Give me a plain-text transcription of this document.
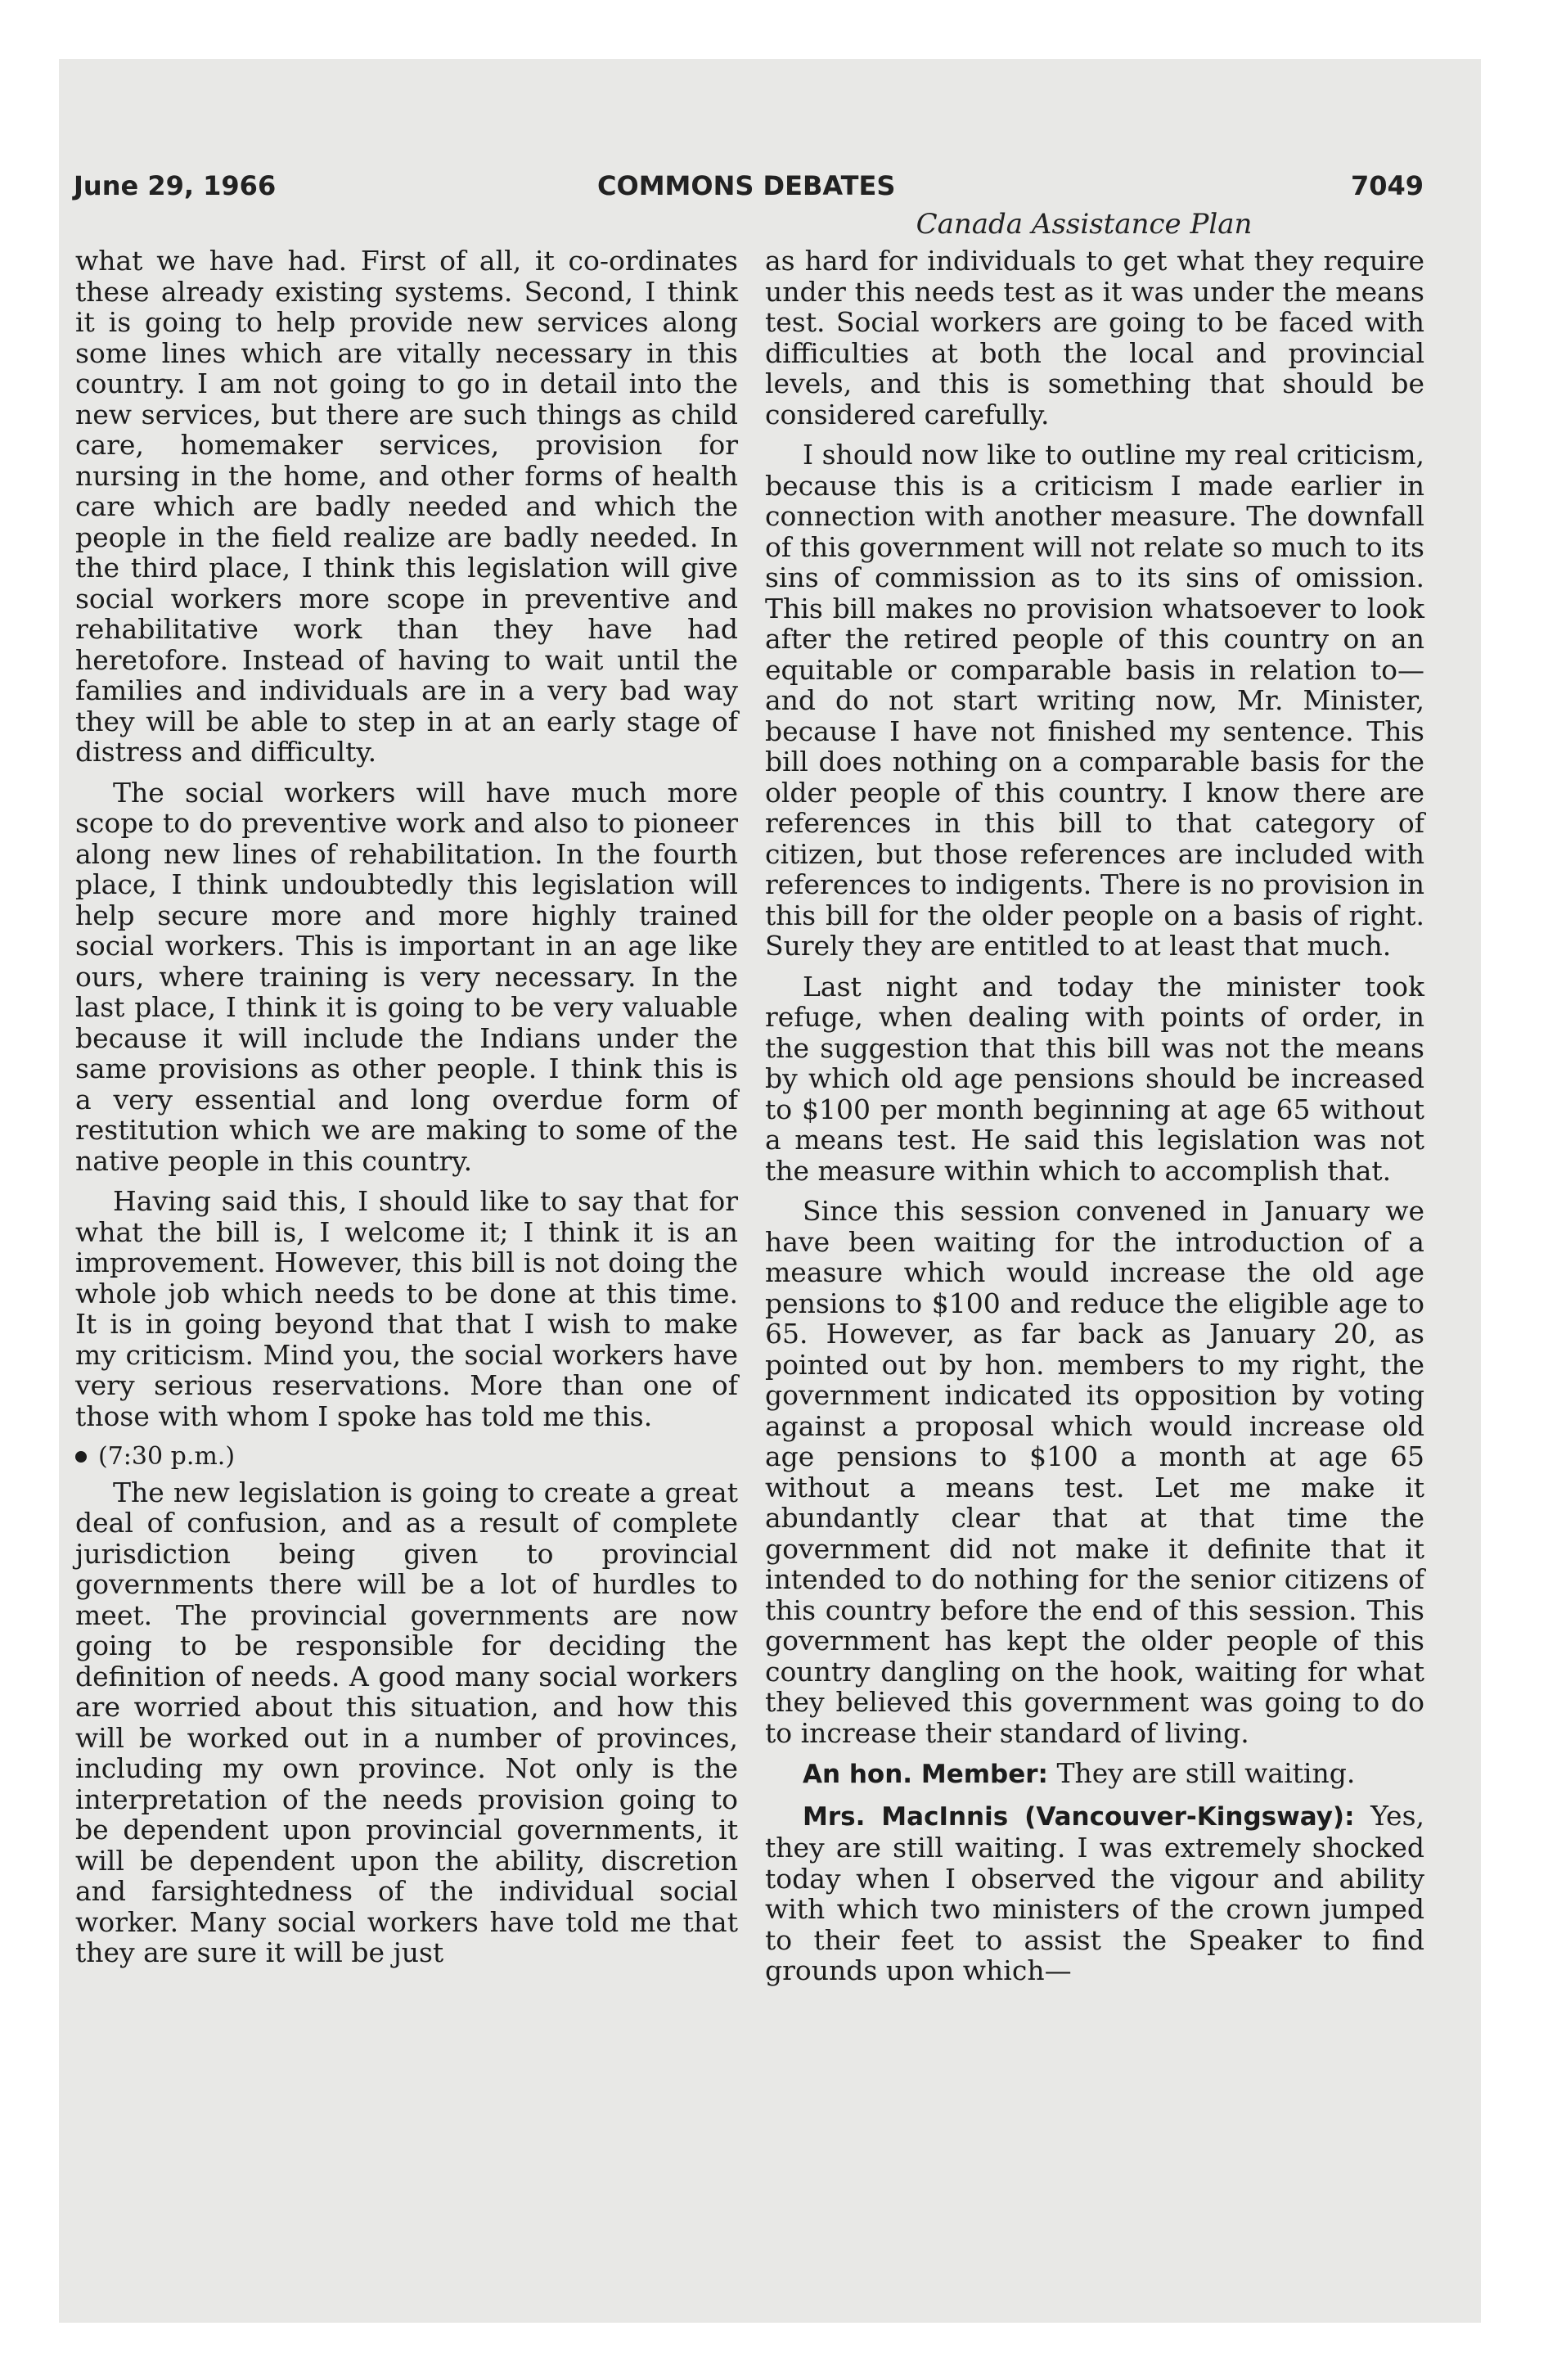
June 29, 1966	COMMONS DEBATES	7049
Canada Assistance Plan

what we have had. First of all, it co-ordinates these already existing systems. Second, I think it is going to help provide new services along some lines which are vitally necessary in this country. I am not going to go in detail into the new services, but there are such things as child care, homemaker services, provision for nursing in the home, and other forms of health care which are badly needed and which the people in the field realize are badly needed. In the third place, I think this legislation will give social workers more scope in preventive and rehabilitative work than they have had heretofore. Instead of having to wait until the families and individuals are in a very bad way they will be able to step in at an early stage of distress and difficulty.

The social workers will have much more scope to do preventive work and also to pioneer along new lines of rehabilitation. In the fourth place, I think undoubtedly this legislation will help secure more and more highly trained social workers. This is important in an age like ours, where training is very necessary. In the last place, I think it is going to be very valuable because it will include the Indians under the same provisions as other people. I think this is a very essential and long overdue form of restitution which we are making to some of the native people in this country.

Having said this, I should like to say that for what the bill is, I welcome it; I think it is an improvement. However, this bill is not doing the whole job which needs to be done at this time. It is in going beyond that that I wish to make my criticism. Mind you, the social workers have very serious reservations. More than one of those with whom I spoke has told me this.

(7:30 p.m.)

The new legislation is going to create a great deal of confusion, and as a result of complete jurisdiction being given to provincial governments there will be a lot of hurdles to meet. The provincial governments are now going to be responsible for deciding the definition of needs. A good many social workers are worried about this situation, and how this will be worked out in a number of provinces, including my own province. Not only is the interpretation of the needs provision going to be dependent upon provincial governments, it will be dependent upon the ability, discretion and farsightedness of the individual social worker. Many social workers have told me that they are sure it will be just

as hard for individuals to get what they require under this needs test as it was under the means test. Social workers are going to be faced with difficulties at both the local and provincial levels, and this is something that should be considered carefully.

I should now like to outline my real criticism, because this is a criticism I made earlier in connection with another measure. The downfall of this government will not relate so much to its sins of commission as to its sins of omission. This bill makes no provision whatsoever to look after the retired people of this country on an equitable or comparable basis in relation to—and do not start writing now, Mr. Minister, because I have not finished my sentence. This bill does nothing on a comparable basis for the older people of this country. I know there are references in this bill to that category of citizen, but those references are included with references to indigents. There is no provision in this bill for the older people on a basis of right. Surely they are entitled to at least that much.

Last night and today the minister took refuge, when dealing with points of order, in the suggestion that this bill was not the means by which old age pensions should be increased to $100 per month beginning at age 65 without a means test. He said this legislation was not the measure within which to accomplish that.

Since this session convened in January we have been waiting for the introduction of a measure which would increase the old age pensions to $100 and reduce the eligible age to 65. However, as far back as January 20, as pointed out by hon. members to my right, the government indicated its opposition by voting against a proposal which would increase old age pensions to $100 a month at age 65 without a means test. Let me make it abundantly clear that at that time the government did not make it definite that it intended to do nothing for the senior citizens of this country before the end of this session. This government has kept the older people of this country dangling on the hook, waiting for what they believed this government was going to do to increase their standard of living.

An hon. Member: They are still waiting.

Mrs. MacInnis (Vancouver-Kingsway): Yes, they are still waiting. I was extremely shocked today when I observed the vigour and ability with which two ministers of the crown jumped to their feet to assist the Speaker to find grounds upon which—
